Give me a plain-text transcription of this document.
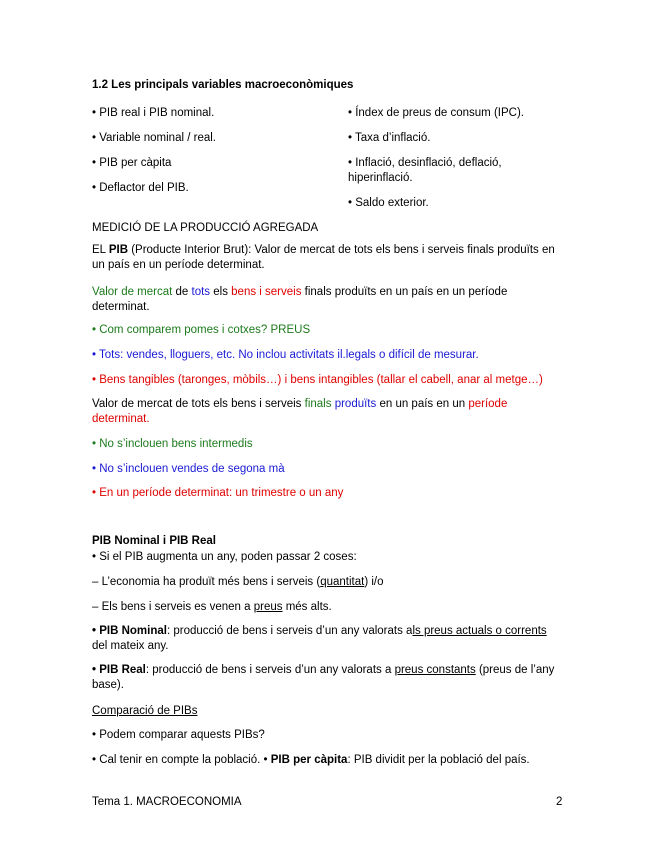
1.2 Les principals variables macroeconòmiques
• PIB real i PIB nominal.
• Variable nominal / real.
• PIB per càpita
• Deflactor del PIB.
• Índex de preus de consum (IPC).
• Taxa d’inflació.
• Inflació, desinflació, deflació,
hiperinflació.
• Saldo exterior.
MEDICIÓ DE LA PRODUCCIÓ AGREGADA
EL PIB (Producte Interior Brut): Valor de mercat de tots els bens i serveis finals produïts en
un país en un període determinat.
Valor de mercat de tots els bens i serveis finals produïts en un país en un període
determinat.
• Com comparem pomes i cotxes? PREUS
• Tots: vendes, lloguers, etc. No inclou activitats il.legals o difícil de mesurar.
• Bens tangibles (taronges, mòbils…) i bens intangibles (tallar el cabell, anar al metge…)
Valor de mercat de tots els bens i serveis finals produïts en un país en un període
determinat.
• No s’inclouen bens intermedis
• No s’inclouen vendes de segona mà
• En un període determinat: un trimestre o un any
PIB Nominal i PIB Real
• Si el PIB augmenta un any, poden passar 2 coses:
– L’economia ha produït més bens i serveis (quantitat) i/o
– Els bens i serveis es venen a preus més alts.
• PIB Nominal: producció de bens i serveis d’un any valorats als preus actuals o corrents
del mateix any.
• PIB Real: producció de bens i serveis d’un any valorats a preus constants (preus de l’any
base).
Comparació de PIBs
• Podem comparar aquests PIBs?
• Cal tenir en compte la població. • PIB per càpita: PIB dividit per la població del país.
Tema 1. MACROECONOMIA	2
